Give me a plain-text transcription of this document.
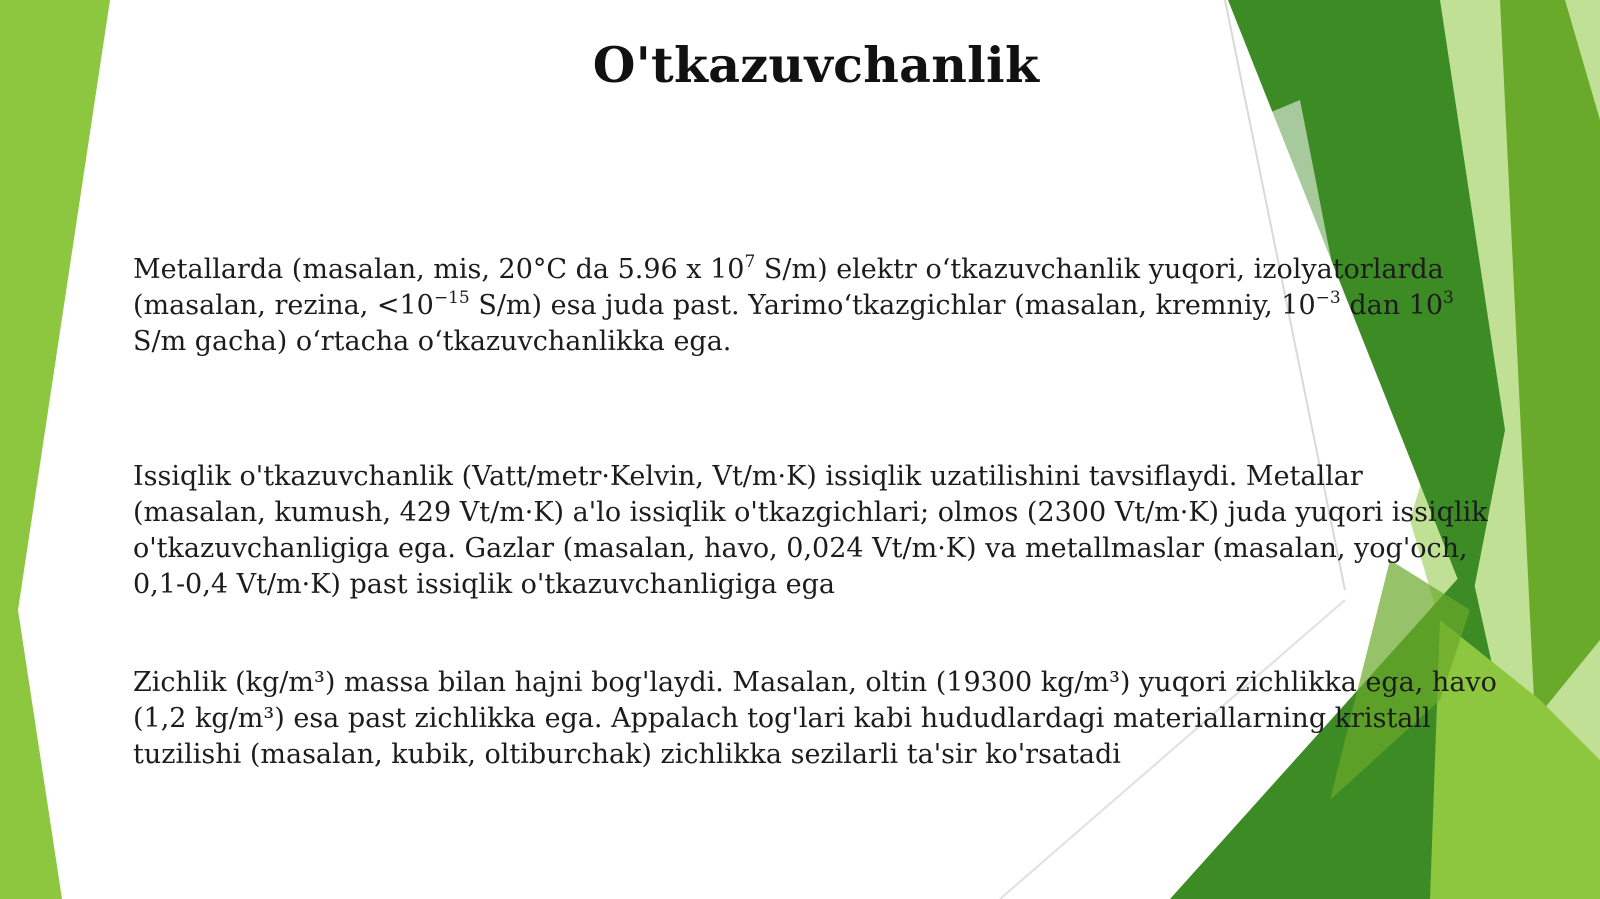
O'tkazuvchanlik

Metallarda (masalan, mis, 20°C da 5.96 x $10^7$ S/m) elektr o‘tkazuvchanlik yuqori, izolyatorlarda (masalan, rezina, $<10^{-15}$ S/m) esa juda past. Yarimo‘tkazgichlar (masalan, kremniy, $10^{-3}$ dan $10^3$ S/m gacha) o‘rtacha o‘tkazuvchanlikka ega.

Issiqlik o'tkazuvchanlik (Vatt/metr·Kelvin, Vt/m·K) issiqlik uzatilishini tavsiflaydi. Metallar (masalan, kumush, 429 Vt/m·K) a'lo issiqlik o'tkazgichlari; olmos (2300 Vt/m·K) juda yuqori issiqlik o'tkazuvchanligiga ega. Gazlar (masalan, havo, 0,024 Vt/m·K) va metallmaslar (masalan, yog'och, 0,1-0,4 Vt/m·K) past issiqlik o'tkazuvchanligiga ega

Zichlik (kg/m³) massa bilan hajni bog'laydi. Masalan, oltin (19300 kg/m³) yuqori zichlikka ega, havo (1,2 kg/m³) esa past zichlikka ega. Appalach tog'lari kabi hududlardagi materiallarning kristall tuzilishi (masalan, kubik, oltiburchak) zichlikka sezilarli ta'sir ko'rsatadi
